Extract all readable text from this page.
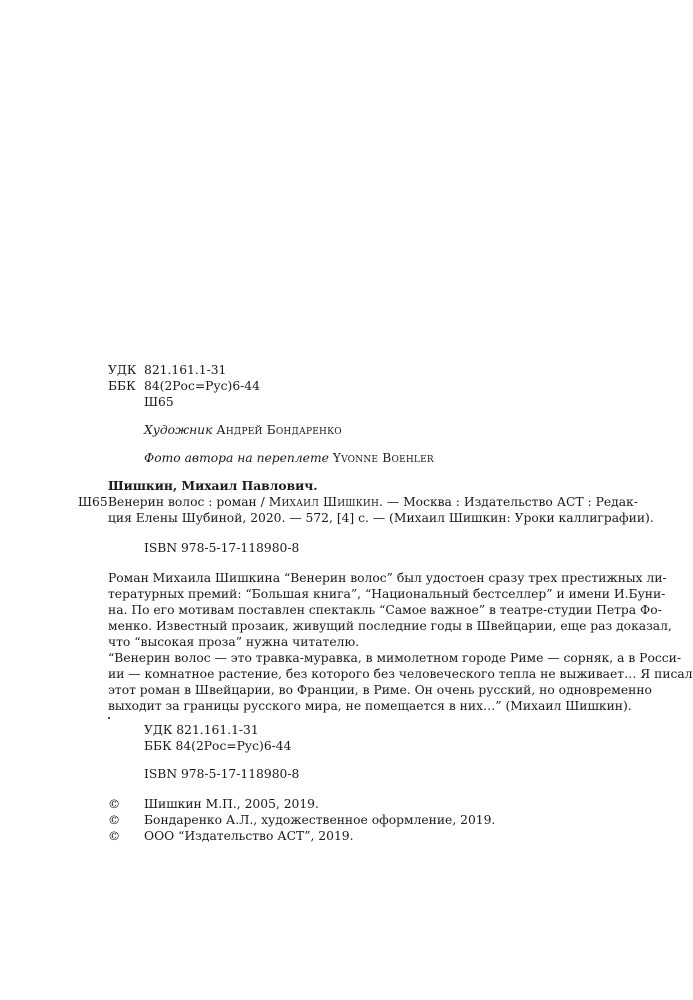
УДК 821.161.1-31
ББК 84(2Рос=Рус)6-44
Ш65
Художник Андрей Бондаренко
Фото автора на переплете Yvonne Boehler
Шишкин, Михаил Павлович.
Ш65 Венерин волос : роман / Михаил Шишкин. — Москва : Издательство АСТ : Редак-
ция Елены Шубиной, 2020. — 572, [4] с. — (Михаил Шишкин: Уроки каллиграфии).
ISBN 978-5-17-118980-8
Роман Михаила Шишкина “Венерин волос” был удостоен сразу трех престижных ли-
тературных премий: “Большая книга”, “Национальный бестселлер” и имени И.Буни-
на. По его мотивам поставлен спектакль “Самое важное” в театре-студии Петра Фо-
менко. Известный прозаик, живущий последние годы в Швейцарии, еще раз доказал,
что “высокая проза” нужна читателю.
“Венерин волос — это травка-муравка, в мимолетном городе Риме — сорняк, а в Росси-
ии — комнатное растение, без которого без человеческого тепла не выживает… Я писал
этот роман в Швейцарии, во Франции, в Риме. Он очень русский, но одновременно
выходит за границы русского мира, не помещается в них…” (Михаил Шишкин).
УДК 821.161.1-31
ББК 84(2Рос=Рус)6-44
ISBN 978-5-17-118980-8
© Шишкин М.П., 2005, 2019.
© Бондаренко А.Л., художественное оформление, 2019.
© ООО “Издательство АСТ”, 2019.
